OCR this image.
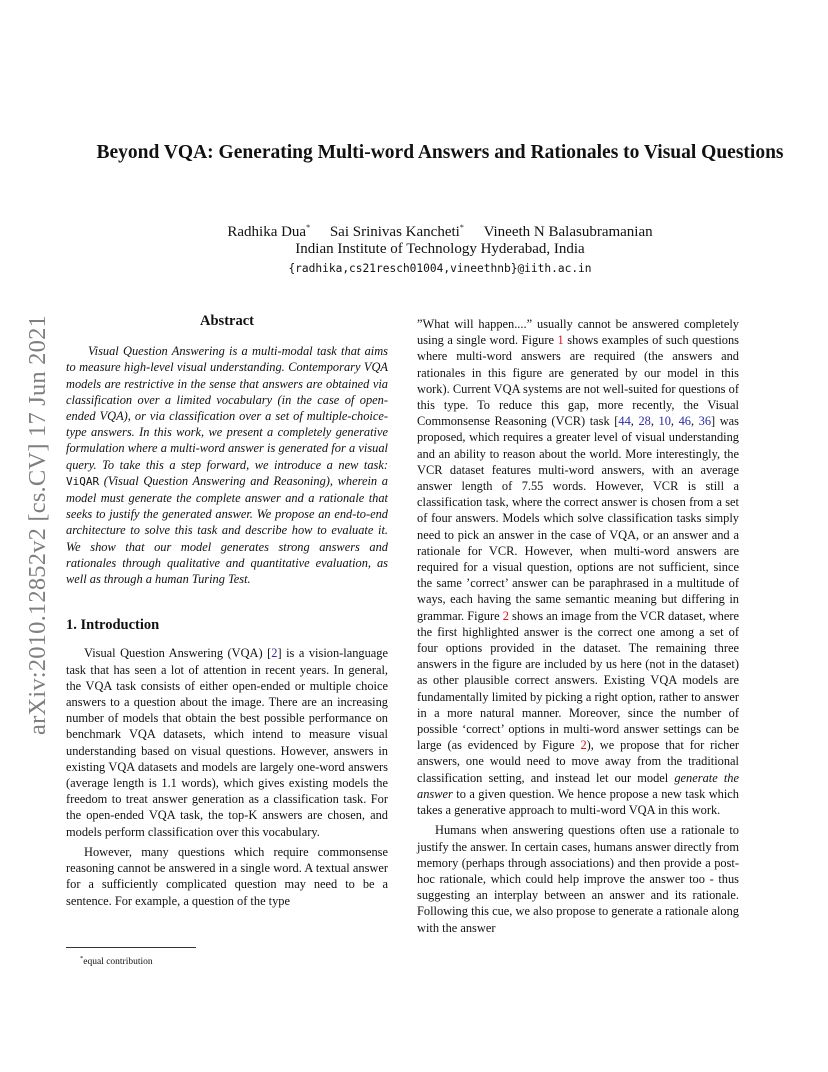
arXiv:2010.12852v2 [cs.CV] 17 Jun 2021
Beyond VQA: Generating Multi-word Answers and Rationales to Visual Questions
Radhika Dua* Sai Srinivas Kancheti* Vineeth N Balasubramanian
Indian Institute of Technology Hyderabad, India
{radhika,cs21resch01004,vineethnb}@iith.ac.in
Abstract

Visual Question Answering is a multi-modal task that aims to measure high-level visual understanding. Contemporary VQA models are restrictive in the sense that answers are obtained via classification over a limited vocabulary (in the case of open-ended VQA), or via classification over a set of multiple-choice-type answers. In this work, we present a completely generative formulation where a multi-word answer is generated for a visual query. To take this a step forward, we introduce a new task: ViQAR (Visual Question Answering and Reasoning), wherein a model must generate the complete answer and a rationale that seeks to justify the generated answer. We propose an end-to-end architecture to solve this task and describe how to evaluate it. We show that our model generates strong answers and rationales through qualitative and quantitative evaluation, as well as through a human Turing Test.

1. Introduction

Visual Question Answering (VQA) [2] is a vision-language task that has seen a lot of attention in recent years. In general, the VQA task consists of either open-ended or multiple choice answers to a question about the image. There are an increasing number of models that obtain the best possible performance on benchmark VQA datasets, which intend to measure visual understanding based on visual questions. However, answers in existing VQA datasets and models are largely one-word answers (average length is 1.1 words), which gives existing models the freedom to treat answer generation as a classification task. For the open-ended VQA task, the top-K answers are chosen, and models perform classification over this vocabulary.

However, many questions which require commonsense reasoning cannot be answered in a single word. A textual answer for a sufficiently complicated question may need to be a sentence. For example, a question of the type

”What will happen....” usually cannot be answered completely using a single word. Figure 1 shows examples of such questions where multi-word answers are required (the answers and rationales in this figure are generated by our model in this work). Current VQA systems are not well-suited for questions of this type. To reduce this gap, more recently, the Visual Commonsense Reasoning (VCR) task [44, 28, 10, 46, 36] was proposed, which requires a greater level of visual understanding and an ability to reason about the world. More interestingly, the VCR dataset features multi-word answers, with an average answer length of 7.55 words. However, VCR is still a classification task, where the correct answer is chosen from a set of four answers. Models which solve classification tasks simply need to pick an answer in the case of VQA, or an answer and a rationale for VCR. However, when multi-word answers are required for a visual question, options are not sufficient, since the same ’correct’ answer can be paraphrased in a multitude of ways, each having the same semantic meaning but differing in grammar. Figure 2 shows an image from the VCR dataset, where the first highlighted answer is the correct one among a set of four options provided in the dataset. The remaining three answers in the figure are included by us here (not in the dataset) as other plausible correct answers. Existing VQA models are fundamentally limited by picking a right option, rather to answer in a more natural manner. Moreover, since the number of possible ‘correct’ options in multi-word answer settings can be large (as evidenced by Figure 2), we propose that for richer answers, one would need to move away from the traditional classification setting, and instead let our model generate the answer to a given question. We hence propose a new task which takes a generative approach to multi-word VQA in this work.

Humans when answering questions often use a rationale to justify the answer. In certain cases, humans answer directly from memory (perhaps through associations) and then provide a post-hoc rationale, which could help improve the answer too - thus suggesting an interplay between an answer and its rationale. Following this cue, we also propose to generate a rationale along with the answer

*equal contribution
